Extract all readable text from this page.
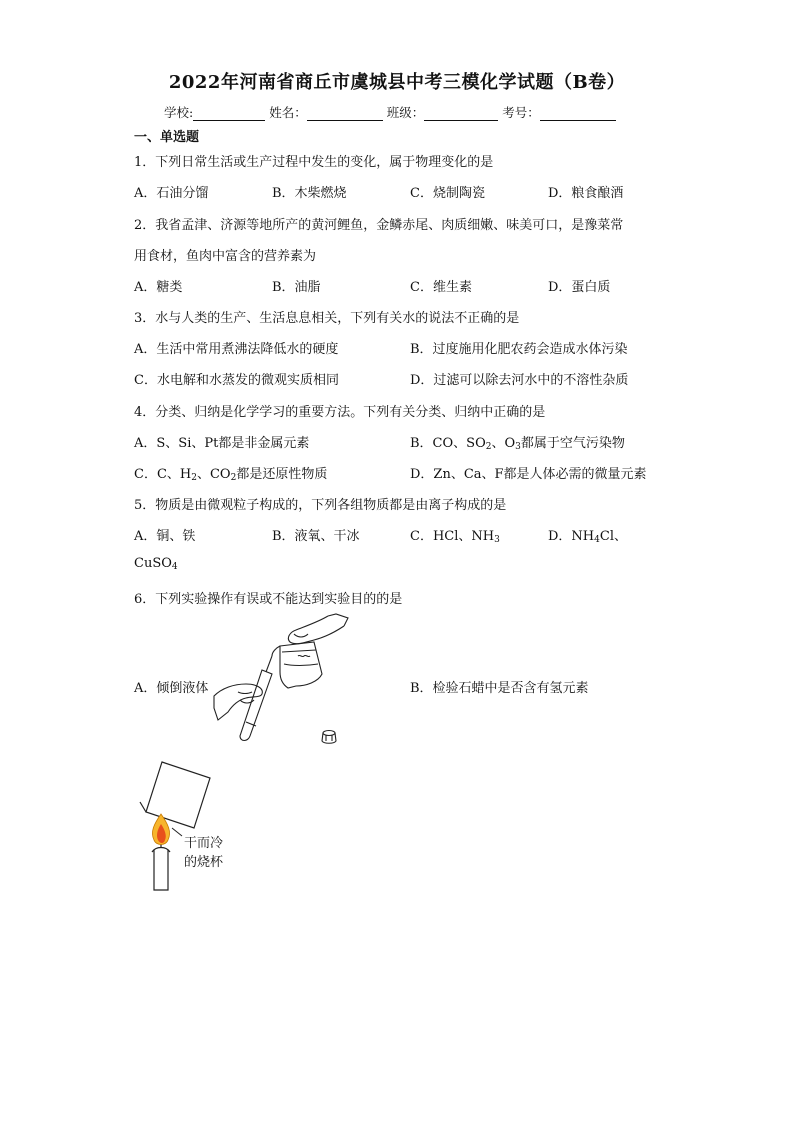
2022年河南省商丘市虞城县中考三模化学试题（B卷）
学校:	姓名：	班级：	考号：
一、单选题
1．下列日常生活或生产过程中发生的变化，属于物理变化的是
A．石油分馏	B．木柴燃烧	C．烧制陶瓷	D．粮食酿酒
2．我省孟津、济源等地所产的黄河鲤鱼，金鳞赤尾、肉质细嫩、味美可口，是豫菜常
用食材，鱼肉中富含的营养素为
A．糖类	B．油脂	C．维生素	D．蛋白质
3．水与人类的生产、生活息息相关，下列有关水的说法不正确的是
A．生活中常用煮沸法降低水的硬度	B．过度施用化肥农药会造成水体污染
C．水电解和水蒸发的微观实质相同	D．过滤可以除去河水中的不溶性杂质
4．分类、归纳是化学学习的重要方法。下列有关分类、归纳中正确的是
A．S、Si、Pt都是非金属元素	B．CO、$SO_2$、$O_3$都属于空气污染物
C．C、$H_2$、$CO_2$都是还原性物质	D．Zn、Ca、F都是人体必需的微量元素
5．物质是由微观粒子构成的，下列各组物质都是由离子构成的是
A．铜、铁	B．液氧、干冰	C．HCl、$NH_3$	D．$NH_4Cl$、
CuSO$_4$
6．下列实验操作有误或不能达到实验目的的是
A．倾倒液体	B．检验石蜡中是否含有氢元素
干而冷
的烧杯
